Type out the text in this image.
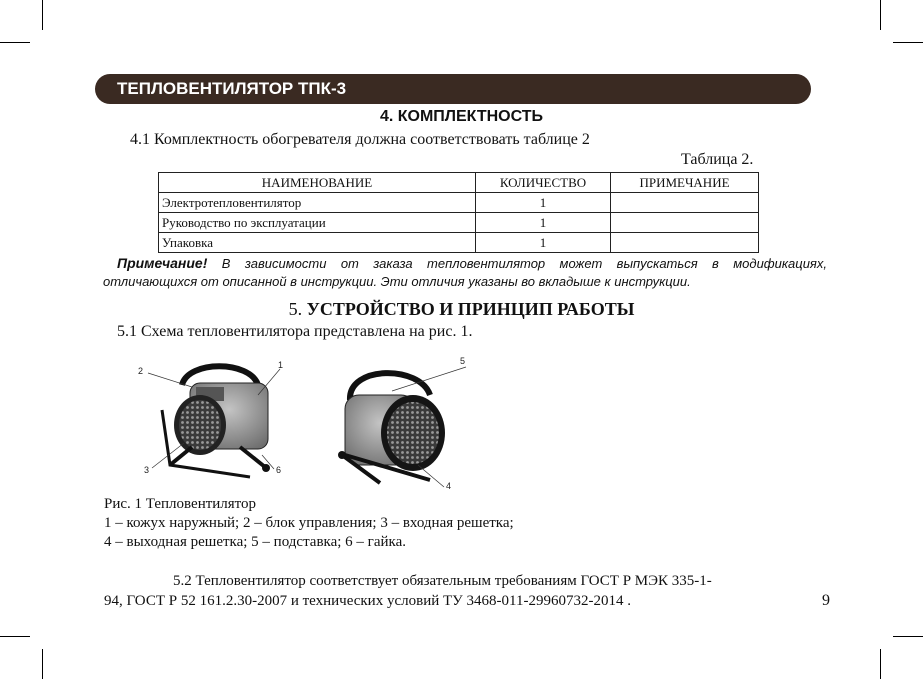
ТЕПЛОВЕНТИЛЯТОР ТПК-3
4. КОМПЛЕКТНОСТЬ
4.1 Комплектность обогревателя должна соответствовать таблице 2
Таблица 2.
НАИМЕНОВАНИЕ	КОЛИЧЕСТВО	ПРИМЕЧАНИЕ
Электротепловентилятор	1	
Руководство по эксплуатации	1	
Упаковка	1	
Примечание! В зависимости от заказа тепловентилятор может выпускаться в модификациях, отличающихся от описанной в инструкции. Эти отличия указаны во вкладыше к инструкции.
5. УСТРОЙСТВО И ПРИНЦИП РАБОТЫ
5.1 Схема тепловентилятора представлена на рис. 1.
2
1
3	6
5
4
Рис. 1 Тепловентилятор
1 – кожух наружный; 2 – блок управления; 3 – входная решетка;
4 – выходная решетка; 5 – подставка; 6 – гайка.
5.2 Тепловентилятор соответствует обязательным требованиям ГОСТ Р МЭК 335-1-
94, ГОСТ Р 52 161.2.30-2007 и технических условий ТУ 3468-011-29960732-2014 .	9
